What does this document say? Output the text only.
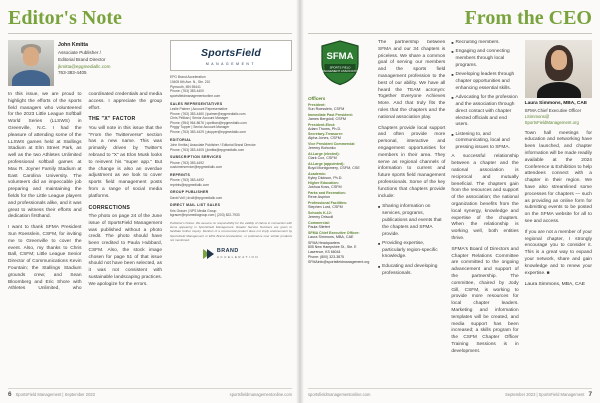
Editor's Note
John Kmitta
Associate Publisher /
Editorial Brand Director
jkmitta@epgmediallc.com
763-383-4405
In this issue, we are proud to highlight the efforts of the sports field managers who volunteered for the 2023 Little League Softball World Series (LLSWS) in Greenville, N.C. I had the pleasure of attending some of the LLSWS games held at Stallings Stadium at Elm Street Park, as well as the two Athletes Unlimited professional softball games at Max R. Joyner Family Stadium at East Carolina University. The volunteers did an impeccable job preparing and maintaining the fields for the Little League players and professionals alike, and it was great to witness their efforts and dedication firsthand.
I want to thank SFMA President Sun Roesslein, CSFM, for inviting me to Greenville to cover the event. Also, my thanks to Chris Ball, CSFM; Little League Senior Director of Communications Kevin Fountain; the Stallings Stadium grounds crew; and Sean Bloomberg and Eric Shore with Athletes Unlimited, who coordinated credentials and media access. I appreciate the group effort.
THE "X" FACTOR
You will note in this issue that the "From the Twitterverse" section has a new name. This was primarily driven by Twitter's rebrand to "X" as Elon Musk looks to reinvent his "super app." But the change is also an overdue adjustment as we look to cover sports field management posts from a range of social media platforms.
CORRECTIONS
The photo on page 24 of the June issue of SportsField Management was published without a photo credit. The photo should have been credited to Paula Hubbard, CSFM. Also, the stock image chosen for page 51 of that issue should not have been selected, as it was not consistent with sustainable landscaping practices. We apologize for the errors.
SportsField
MANAGEMENT
EPG Brand Acceleration
10405 6th Ave. N., Ste. 210
Plymouth, MN 55441
Phone: (763) 383-4400
sportsfieldmanagementonline.com
SALES REPRESENTATIVES
Leslie Palmer | Account Representative
Phone: (763) 383-4460 | lpalmer@epgmediallc.com
Chris Pelikan | Senior Account Manager
Phone: (954) 964-8676 | cpelikan@epgmediallc.com
Peggy Tupper | Senior Account Manager
Phone: (763) 383-4429 | ptupper@epgmediallc.com
EDITORIAL
John Kmitta | Associate Publisher / Editorial Brand Director
Phone: (763) 383-4405 | jkmitta@epgmediallc.com
SUBSCRIPTION SERVICES
Phone: (763) 383-4492
customerservice@epgmediallc.com
REPRINTS
Phone: (763) 383-4492
reprints@epgmediallc.com
GROUP PUBLISHER
David Voll | dvoll@epgmediallc.com
DIRECT MAIL LIST SALES
Kris Grauer | NPS Media Group
kgrauer@npsmediagroup.com | (203) 822-7933
Publisher's Notice: We assume no responsibility for the validity of claims in connection with items appearing in SportsField Management. Reader Service Numbers are given to facilitate further inquiry. Mention of a commercial product does not imply endorsement by SportsField Management or EPG Brand Acceleration, or preference over similar products not mentioned.
BRAND
ACCELERATION
6 SportsField Management | September 2023	sportsfieldmanagementonline.com
From the CEO
SFMA
SPORTS FIELD
MANAGEMENT ASSOCIATION
Officers
President:
Sun Roesslein, CSFM
Immediate Past President:
James Bergdoll, CSFM
President-Elect:
Adam Thoms, Ph.D.
Secretary-Treasurer:
Alpha Jones, CSFM
Vice President Commercial:
Jeremy Bohonko
At-Large (elected):
Clark Cox, CSFM
At-Large (appointed):
Boyd Montgomery, CSFM, CSE
Academic:
Kyley Dickson, Ph.D.
Higher Education:
Joshua Koss, CSFM
Parks and Recreation:
Rene Asprion
Professional Facilities:
Stephen Lord, CSFM
Schools K-12:
Jeremy Driscoll
Commercial:
Paula Sliefert
SFMA Chief Executive Officer:
Laura Simmons, MBA, CAE
SFMA Headquarters
805 New Hampshire St., Ste. E
Lawrence, KS 66044
Phone: (800) 323-3875
SFMAinfo@sportsfieldmanagement.org

The partnership between SFMA and our 34 chapters is priceless. We share a common goal of serving our members and the sports field management profession to the best of our ability. We have all heard the TEAM acronym: Together Everyone Achieves More. And that truly fits the roles that the chapters and the national association play.

Chapters provide local support and often provide more personal, interactive and engagement opportunities for members in their area. They serve as regional channels of information to current and future sports field management professionals. Some of the key functions that chapters provide include:

■ Sharing information on services, programs, publications and events that the chapters and SFMA provide.
■ Providing expertise, particularly region-specific knowledge.
■ Educating and developing professionals.
■ Recruiting members.
■ Engaging and connecting members through local programs.
■ Developing leaders through chapter opportunities and enhancing essential skills.
■ Advocating for the profession and the association through direct contact with chapter elected officials and end users.
■ Listening to, and communicating, local and pressing issues to SFMA.

A successful relationship between a chapter and the national association is reciprocal and mutually beneficial. The chapters gain from the resources and support of the association; the national organization benefits from the local synergy, knowledge and expertise of the chapters. When the relationship is working well, both entities thrive.

SFMA's Board of Directors and Chapter Relations Committee are committed to the ongoing advancement and support of the partnership. The committee, chaired by Jody Gill, CSFM, is working to provide more resources for local chapter leaders. Marketing and information templates will be created, and media support has been increased; a skills program for the CSFM Chapter Officer Training Sessions is in development.

Laura Simmons, MBA, CAE
SFMA Chief Executive Officer
LSimmons@
SportsFieldManagement.org

Town hall meetings for education and networking have been launched, and chapter information will be made readily available at the 2024 Conference & Exhibition to help attendees connect with a chapter in their region. We have also streamlined some processes for chapters — such as providing an online form for submitting events to be posted on the SFMA website for all to see and access.

If you are not a member of your regional chapter, I strongly encourage you to consider it. This is a great way to expand your network, share and gain knowledge and to renew your expertise. ■

Laura Simmons, MBA, CAE
sportsfieldmanagementonline.com	September 2023 | SportsField Management 7
